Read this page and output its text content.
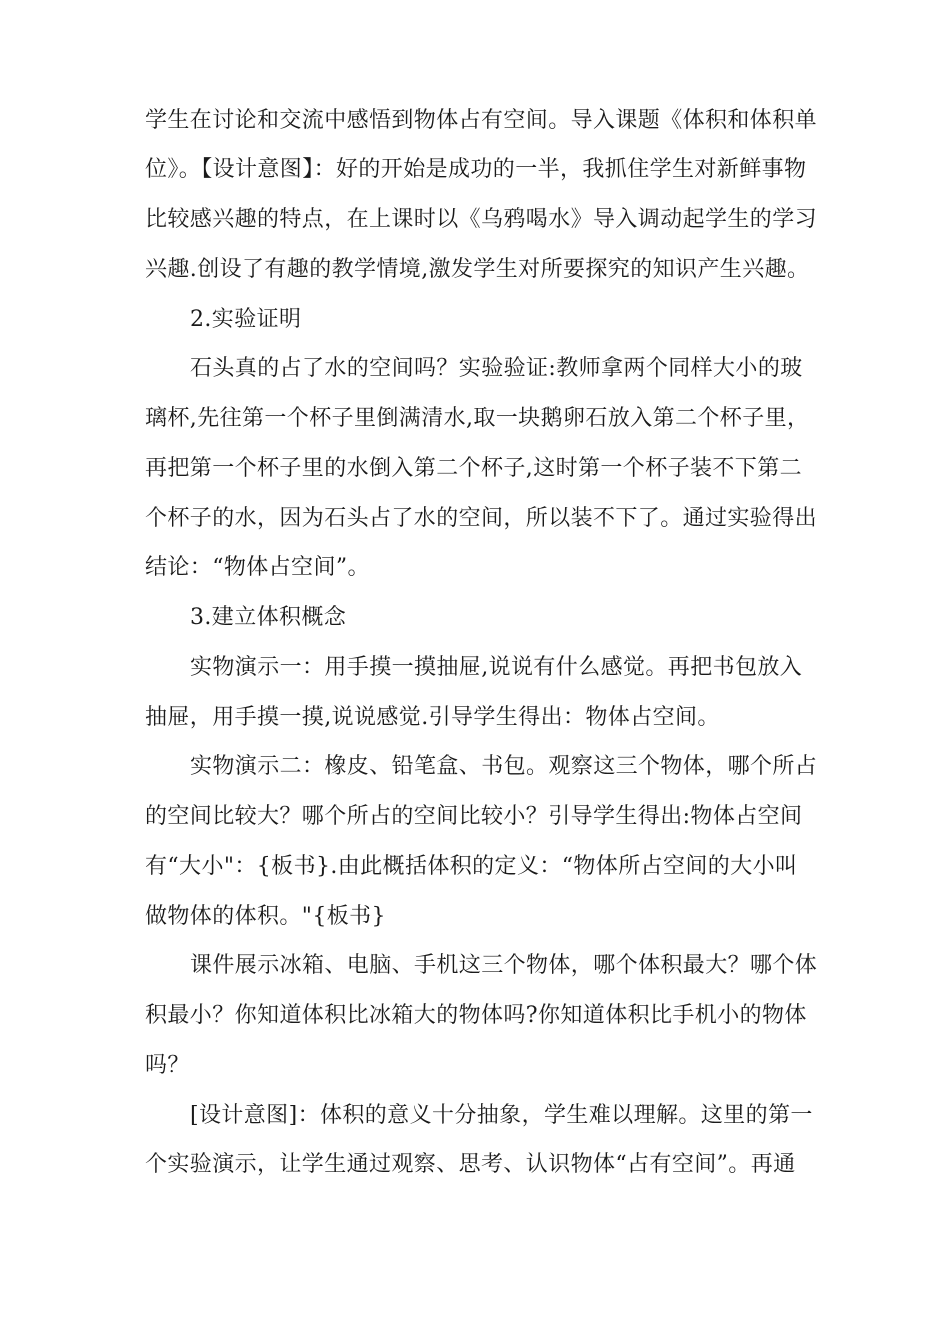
学生在讨论和交流中感悟到物体占有空间。导入课题《体积和体积单
位》。【设计意图】：好的开始是成功的一半，我抓住学生对新鲜事物
比较感兴趣的特点，在上课时以《乌鸦喝水》导入调动起学生的学习
兴趣.创设了有趣的教学情境,激发学生对所要探究的知识产生兴趣。
2.实验证明
石头真的占了水的空间吗？实验验证:教师拿两个同样大小的玻
璃杯,先往第一个杯子里倒满清水,取一块鹅卵石放入第二个杯子里，
再把第一个杯子里的水倒入第二个杯子,这时第一个杯子装不下第二
个杯子的水，因为石头占了水的空间，所以装不下了。通过实验得出
结论：“物体占空间”。
3.建立体积概念
实物演示一：用手摸一摸抽屉,说说有什么感觉。再把书包放入
抽屉，用手摸一摸,说说感觉.引导学生得出：物体占空间。
实物演示二：橡皮、铅笔盒、书包。观察这三个物体，哪个所占
的空间比较大？哪个所占的空间比较小？引导学生得出:物体占空间
有“大小"：{板书}.由此概括体积的定义：“物体所占空间的大小叫
做物体的体积。"{板书}
课件展示冰箱、电脑、手机这三个物体，哪个体积最大？哪个体
积最小？你知道体积比冰箱大的物体吗?你知道体积比手机小的物体
吗？
[设计意图]：体积的意义十分抽象，学生难以理解。这里的第一
个实验演示，让学生通过观察、思考、认识物体“占有空间”。再通
